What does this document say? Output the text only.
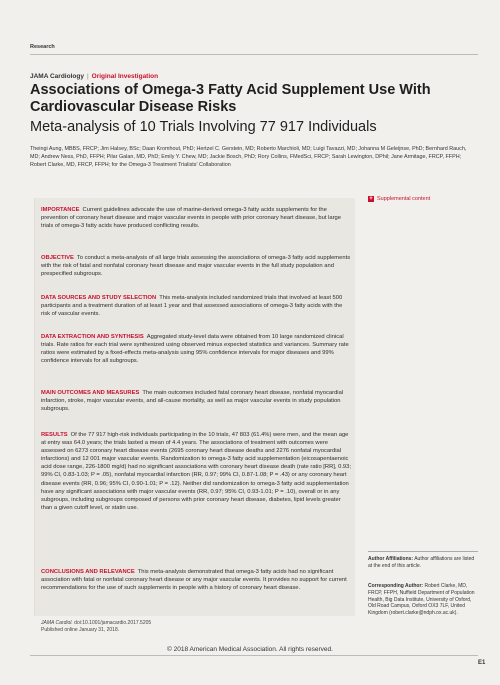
Research
JAMA Cardiology | Original Investigation
Associations of Omega-3 Fatty Acid Supplement Use With Cardiovascular Disease Risks
Meta-analysis of 10 Trials Involving 77 917 Individuals
Theingi Aung, MBBS, FRCP; Jim Halsey, BSc; Daan Kromhout, PhD; Hertzel C. Gerstein, MD; Roberto Marchioli, MD; Luigi Tavazzi, MD; Johanna M Geleijnse, PhD; Bernhard Rauch, MD; Andrew Ness, PhD, FFPH; Pilar Galan, MD, PhD; Emily Y. Chew, MD; Jackie Bosch, PhD; Rory Collins, FMedSci, FRCP; Sarah Lewington, DPhil; Jane Armitage, FRCP, FFPH; Robert Clarke, MD, FRCP, FFPH; for the Omega-3 Treatment Trialists' Collaboration
+ Supplemental content
IMPORTANCE Current guidelines advocate the use of marine-derived omega-3 fatty acids supplements for the prevention of coronary heart disease and major vascular events in people with prior coronary heart disease, but large trials of omega-3 fatty acids have produced conflicting results.
OBJECTIVE To conduct a meta-analysis of all large trials assessing the associations of omega-3 fatty acid supplements with the risk of fatal and nonfatal coronary heart disease and major vascular events in the full study population and prespecified subgroups.
DATA SOURCES AND STUDY SELECTION This meta-analysis included randomized trials that involved at least 500 participants and a treatment duration of at least 1 year and that assessed associations of omega-3 fatty acids with the risk of vascular events.
DATA EXTRACTION AND SYNTHESIS Aggregated study-level data were obtained from 10 large randomized clinical trials. Rate ratios for each trial were synthesized using observed minus expected statistics and variances. Summary rate ratios were estimated by a fixed-effects meta-analysis using 95% confidence intervals for major diseases and 99% confidence intervals for all subgroups.
MAIN OUTCOMES AND MEASURES The main outcomes included fatal coronary heart disease, nonfatal myocardial infarction, stroke, major vascular events, and all-cause mortality, as well as major vascular events in study population subgroups.
RESULTS Of the 77 917 high-risk individuals participating in the 10 trials, 47 803 (61.4%) were men, and the mean age at entry was 64.0 years; the trials lasted a mean of 4.4 years. The associations of treatment with outcomes were assessed on 6273 coronary heart disease events (2695 coronary heart disease deaths and 2276 nonfatal myocardial infarctions) and 12 001 major vascular events. Randomization to omega-3 fatty acid supplementation (eicosapentaenoic acid dose range, 226-1800 mg/d) had no significant associations with coronary heart disease death (rate ratio [RR], 0.93; 99% CI, 0.83-1.03; P = .05), nonfatal myocardial infarction (RR, 0.97; 99% CI, 0.87-1.08; P = .43) or any coronary heart disease events (RR, 0.96; 95% CI, 0.90-1.01; P = .12). Neither did randomization to omega-3 fatty acid supplementation have any significant associations with major vascular events (RR, 0.97; 95% CI, 0.93-1.01; P = .10), overall or in any subgroups, including subgroups composed of persons with prior coronary heart disease, diabetes, lipid levels greater than a given cutoff level, or statin use.
CONCLUSIONS AND RELEVANCE This meta-analysis demonstrated that omega-3 fatty acids had no significant association with fatal or nonfatal coronary heart disease or any major vascular events. It provides no support for current recommendations for the use of such supplements in people with a history of coronary heart disease.
JAMA Cardiol. doi:10.1001/jamacardio.2017.5205
Published online January 31, 2018.
Author Affiliations: Author affiliations are listed at the end of this article.
Corresponding Author: Robert Clarke, MD, FRCP, FFPH, Nuffield Department of Population Health, Big Data Institute, University of Oxford, Old Road Campus, Oxford OX3 7LF, United Kingdom (robert.clarke@ndph.ox.ac.uk).
© 2018 American Medical Association. All rights reserved.
E1
